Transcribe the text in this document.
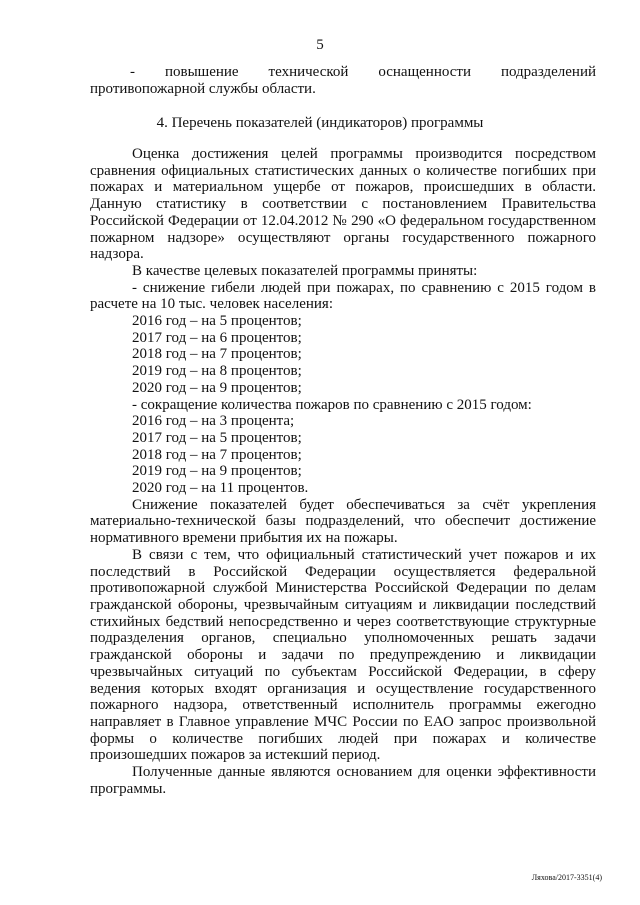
5

- повышение технической оснащенности подразделений

противопожарной службы области.

4. Перечень показателей (индикаторов) программы

Оценка достижения целей программы производится посредством сравнения официальных статистических данных о количестве погибших при пожарах и материальном ущербе от пожаров, происшедших в области. Данную статистику в соответствии с постановлением Правительства Российской Федерации от 12.04.2012 № 290 «О федеральном государственном пожарном надзоре» осуществляют органы государственного пожарного надзора.

В качестве целевых показателей программы приняты:

- снижение гибели людей при пожарах, по сравнению с 2015 годом в расчете на 10 тыс. человек населения:

2016 год – на 5 процентов;
2017 год – на 6 процентов;
2018 год – на 7 процентов;
2019 год – на 8 процентов;
2020 год – на 9 процентов;

- сокращение количества пожаров по сравнению с 2015 годом:

2016 год – на 3 процента;
2017 год – на 5 процентов;
2018 год – на 7 процентов;
2019 год – на 9 процентов;
2020 год – на 11 процентов.

Снижение показателей будет обеспечиваться за счёт укрепления материально-технической базы подразделений, что обеспечит достижение нормативного времени прибытия их на пожары.

В связи с тем, что официальный статистический учет пожаров и их последствий в Российской Федерации осуществляется федеральной противопожарной службой Министерства Российской Федерации по делам гражданской обороны, чрезвычайным ситуациям и ликвидации последствий стихийных бедствий непосредственно и через соответствующие структурные подразделения органов, специально уполномоченных решать задачи гражданской обороны и задачи по предупреждению и ликвидации чрезвычайных ситуаций по субъектам Российской Федерации, в сферу ведения которых входят организация и осуществление государственного пожарного надзора, ответственный исполнитель программы ежегодно направляет в Главное управление МЧС России по ЕАО запрос произвольной формы о количестве погибших людей при пожарах и количестве произошедших пожаров за истекший период.

Полученные данные являются основанием для оценки эффективности программы.

Ляхова/2017-3351(4)
